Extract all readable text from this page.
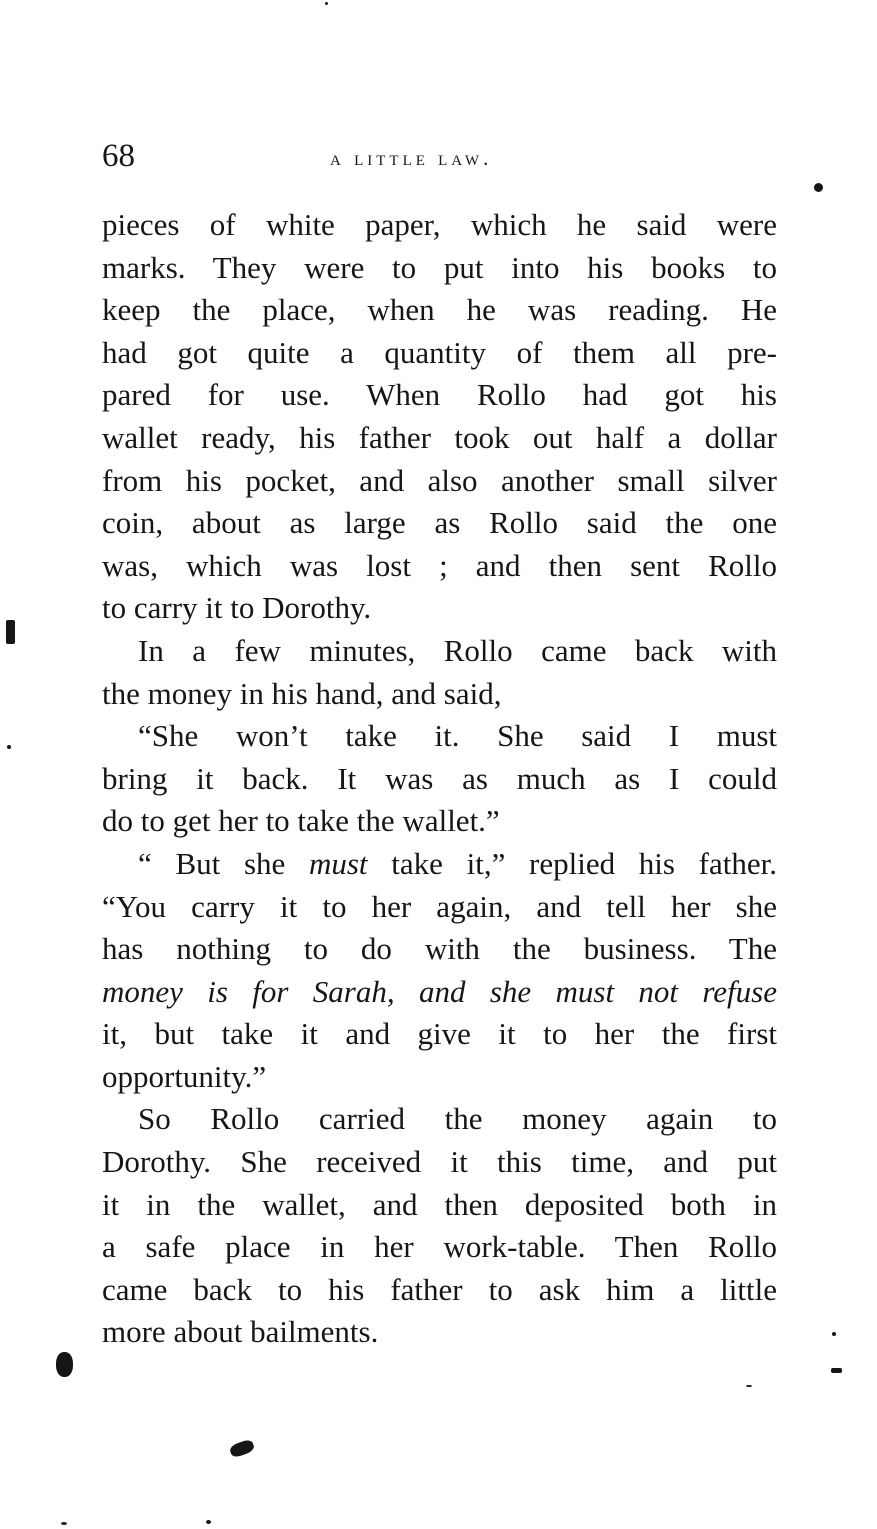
68	a little law.
pieces of white paper, which he said were
marks. They were to put into his books to
keep the place, when he was reading. He
had got quite a quantity of them all pre-
pared for use. When Rollo had got his
wallet ready, his father took out half a dollar
from his pocket, and also another small silver
coin, about as large as Rollo said the one
was, which was lost ; and then sent Rollo
to carry it to Dorothy.
In a few minutes, Rollo came back with
the money in his hand, and said,
“She won’t take it. She said I must
bring it back. It was as much as I could
do to get her to take the wallet.”
“ But she must take it,” replied his father.
“You carry it to her again, and tell her she
has nothing to do with the business. The
money is for Sarah, and she must not refuse
it, but take it and give it to her the first
opportunity.”
So Rollo carried the money again to
Dorothy. She received it this time, and put
it in the wallet, and then deposited both in
a safe place in her work-table. Then Rollo
came back to his father to ask him a little
more about bailments.
